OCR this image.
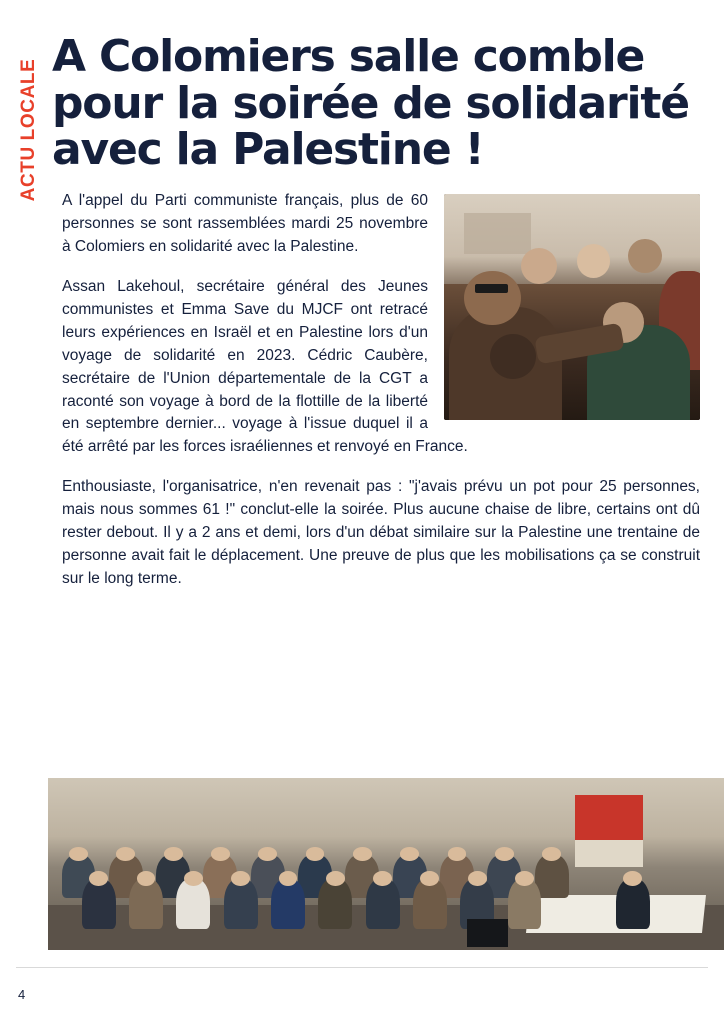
ACTU LOCALE
A Colomiers salle comble
pour la soirée de solidarité
avec la Palestine !

A l'appel du Parti communiste français, plus de 60 personnes se sont rassemblées mardi 25 novembre à Colomiers en solidarité avec la Palestine.

Assan Lakehoul, secrétaire général des Jeunes communistes et Emma Save du MJCF ont retracé leurs expériences en Israël et en Palestine lors d'un voyage de solidarité en 2023. Cédric Caubère, secrétaire de l'Union départementale de la CGT a raconté son voyage à bord de la flottille de la liberté en septembre dernier... voyage à l'issue duquel il a été arrêté par les forces israéliennes et renvoyé en France.

Enthousiaste, l'organisatrice, n'en revenait pas : "j'avais prévu un pot pour 25 personnes, mais nous sommes 61 !" conclut-elle la soirée. Plus aucune chaise de libre, certains ont dû rester debout. Il y a 2 ans et demi, lors d'un débat similaire sur la Palestine une trentaine de personne avait fait le déplacement. Une preuve de plus que les mobilisations ça se construit sur le long terme.

4
